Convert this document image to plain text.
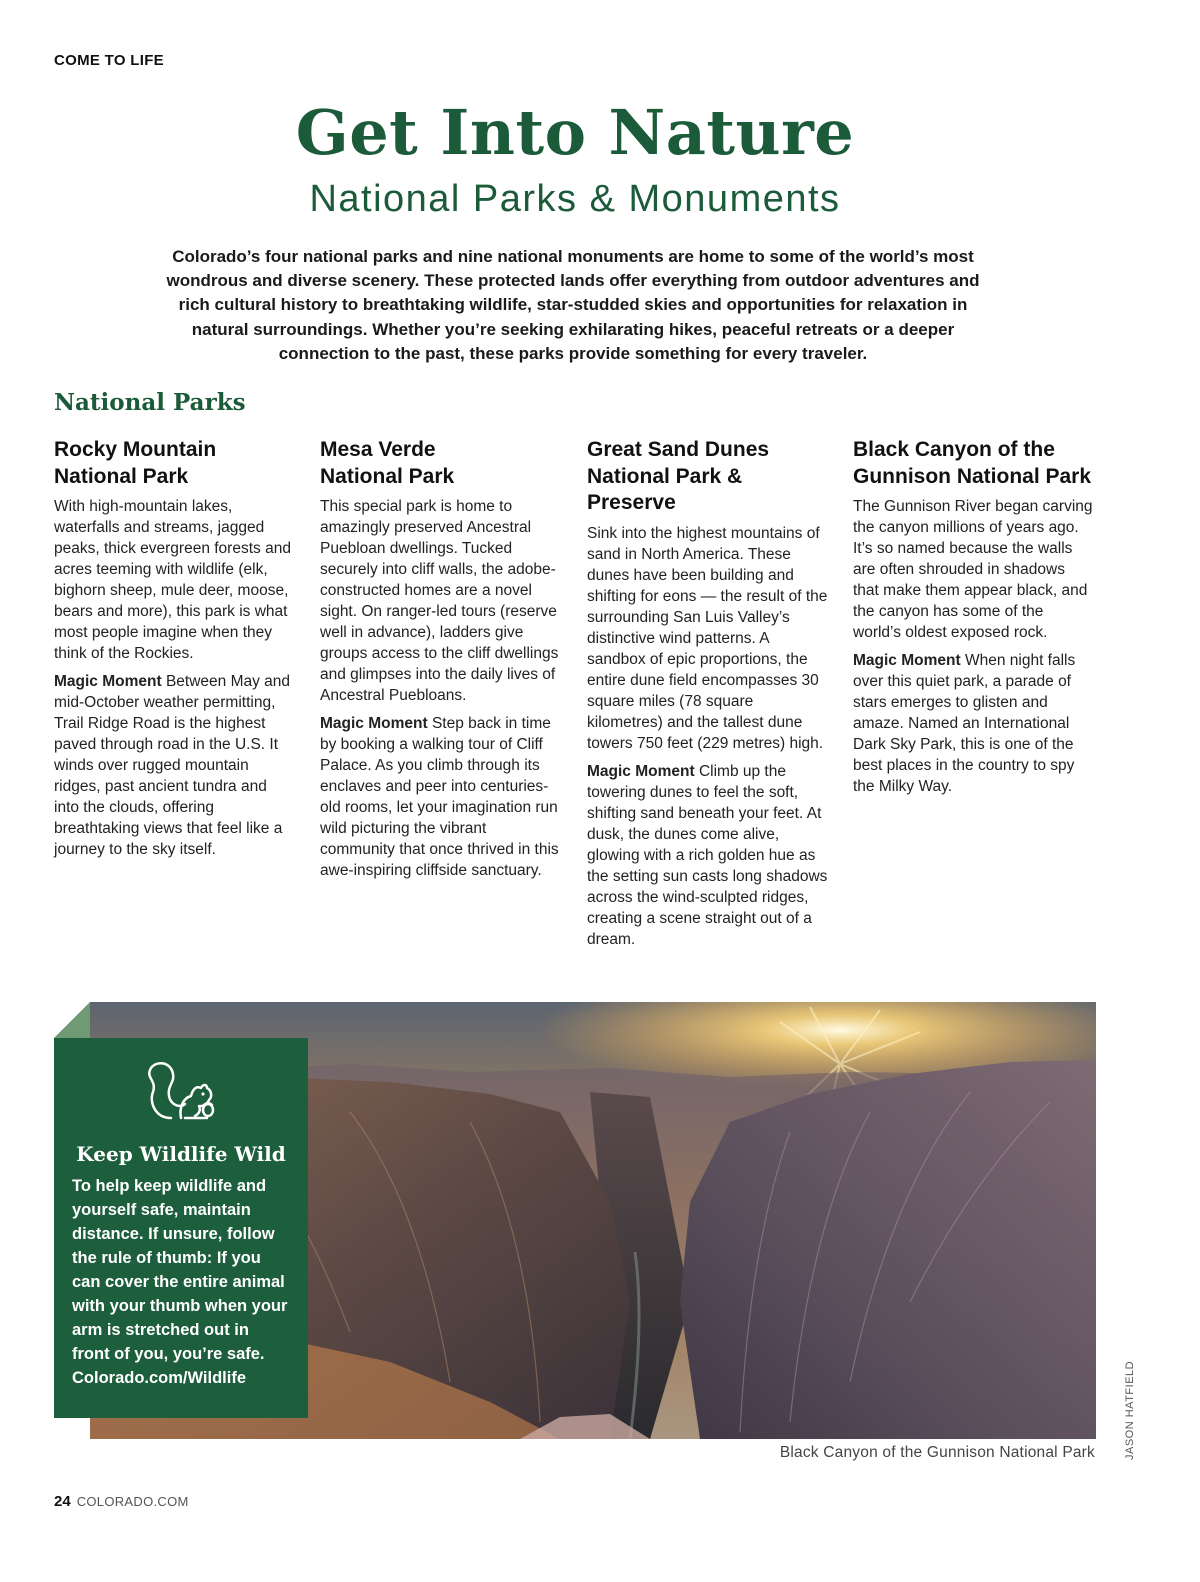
COME TO LIFE
Get Into Nature
National Parks & Monuments

Colorado’s four national parks and nine national monuments are home to some of the world’s most wondrous and diverse scenery. These protected lands offer everything from outdoor adventures and rich cultural history to breathtaking wildlife, star-studded skies and opportunities for relaxation in natural surroundings. Whether you’re seeking exhilarating hikes, peaceful retreats or a deeper connection to the past, these parks provide something for every traveler.

National Parks
Rocky Mountain
National Park

With high-mountain lakes, waterfalls and streams, jagged peaks, thick evergreen forests and acres teeming with wildlife (elk, bighorn sheep, mule deer, moose, bears and more), this park is what most people imagine when they think of the Rockies.

Magic Moment Between May and mid-October weather permitting, Trail Ridge Road is the highest paved through road in the U.S. It winds over rugged mountain ridges, past ancient tundra and into the clouds, offering breathtaking views that feel like a journey to the sky itself.

Mesa Verde
National Park

This special park is home to amazingly preserved Ancestral Puebloan dwellings. Tucked securely into cliff walls, the adobe-constructed homes are a novel sight. On ranger-led tours (reserve well in advance), ladders give groups access to the cliff dwellings and glimpses into the daily lives of Ancestral Puebloans.

Magic Moment Step back in time by booking a walking tour of Cliff Palace. As you climb through its enclaves and peer into centuries-old rooms, let your imagination run wild picturing the vibrant community that once thrived in this awe-inspiring cliffside sanctuary.

Great Sand Dunes
National Park &
Preserve

Sink into the highest mountains of sand in North America. These dunes have been building and shifting for eons — the result of the surrounding San Luis Valley’s distinctive wind patterns. A sandbox of epic proportions, the entire dune field encompasses 30 square miles (78 square kilometres) and the tallest dune towers 750 feet (229 metres) high.

Magic Moment Climb up the towering dunes to feel the soft, shifting sand beneath your feet. At dusk, the dunes come alive, glowing with a rich golden hue as the setting sun casts long shadows across the wind-sculpted ridges, creating a scene straight out of a dream.

Black Canyon of the
Gunnison National Park

The Gunnison River began carving the canyon millions of years ago. It’s so named because the walls are often shrouded in shadows that make them appear black, and the canyon has some of the world’s oldest exposed rock.

Magic Moment When night falls over this quiet park, a parade of stars emerges to glisten and amaze. Named an International Dark Sky Park, this is one of the best places in the country to spy the Milky Way.

Keep Wildlife Wild

To help keep wildlife and yourself safe, maintain distance. If unsure, follow the rule of thumb: If you can cover the entire animal with your thumb when your arm is stretched out in front of you, you’re safe.
Colorado.com/Wildlife

Black Canyon of the Gunnison National Park	JASON HATFIELD
24 COLORADO.COM
